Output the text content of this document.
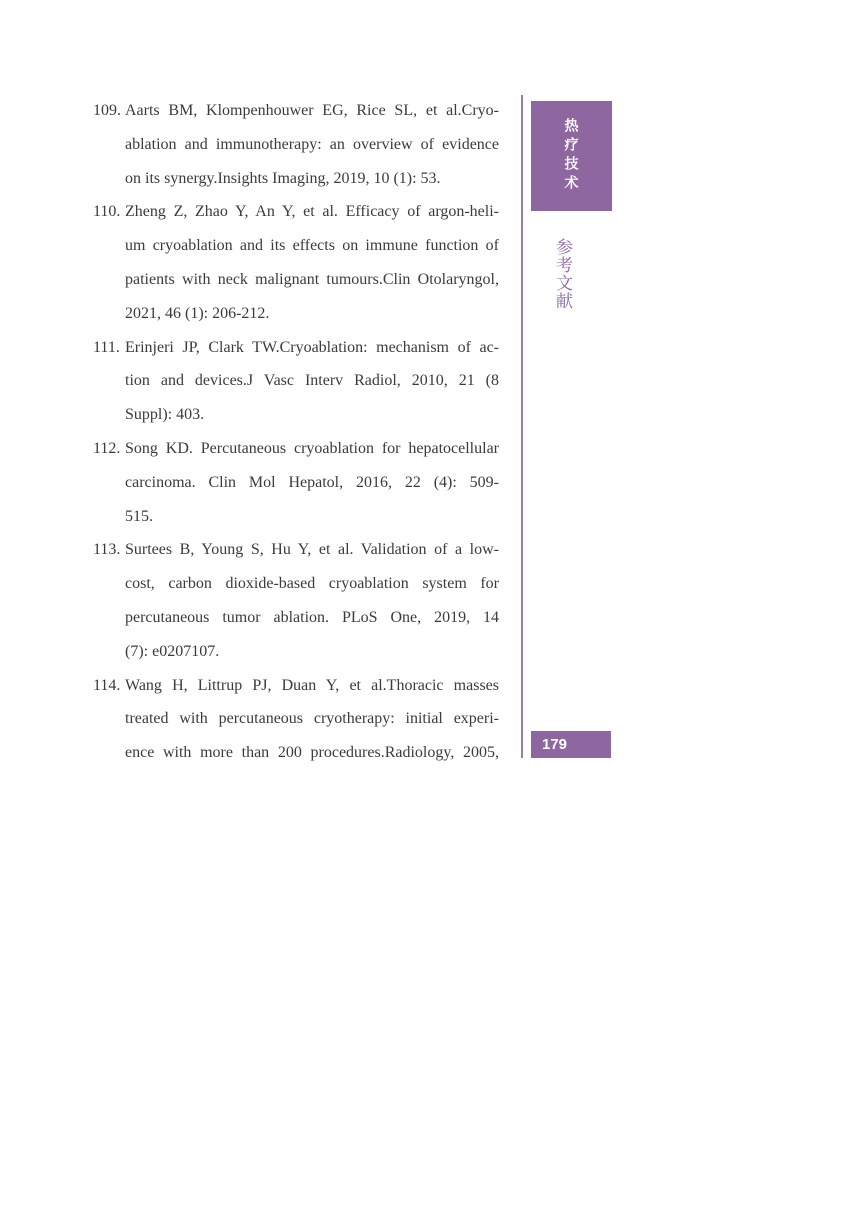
109. Aarts BM, Klompenhouwer EG, Rice SL, et al.Cryo-
ablation and immunotherapy: an overview of evidence
on its synergy.Insights Imaging, 2019, 10 (1): 53.
110. Zheng Z, Zhao Y, An Y, et al. Efficacy of argon-heli-
um cryoablation and its effects on immune function of
patients with neck malignant tumours.Clin Otolaryngol,
2021, 46 (1): 206-212.
111. Erinjeri JP, Clark TW.Cryoablation: mechanism of ac-
tion and devices.J Vasc Interv Radiol, 2010, 21 (8
Suppl): 403.
112. Song KD. Percutaneous cryoablation for hepatocellular
carcinoma. Clin Mol Hepatol, 2016, 22 (4): 509-
515.
113. Surtees B, Young S, Hu Y, et al. Validation of a low-
cost, carbon dioxide-based cryoablation system for
percutaneous tumor ablation. PLoS One, 2019, 14
(7): e0207107.
114. Wang H, Littrup PJ, Duan Y, et al.Thoracic masses
treated with percutaneous cryotherapy: initial experi-
ence with more than 200 procedures.Radiology, 2005,
热疗技术
参考文献
179
